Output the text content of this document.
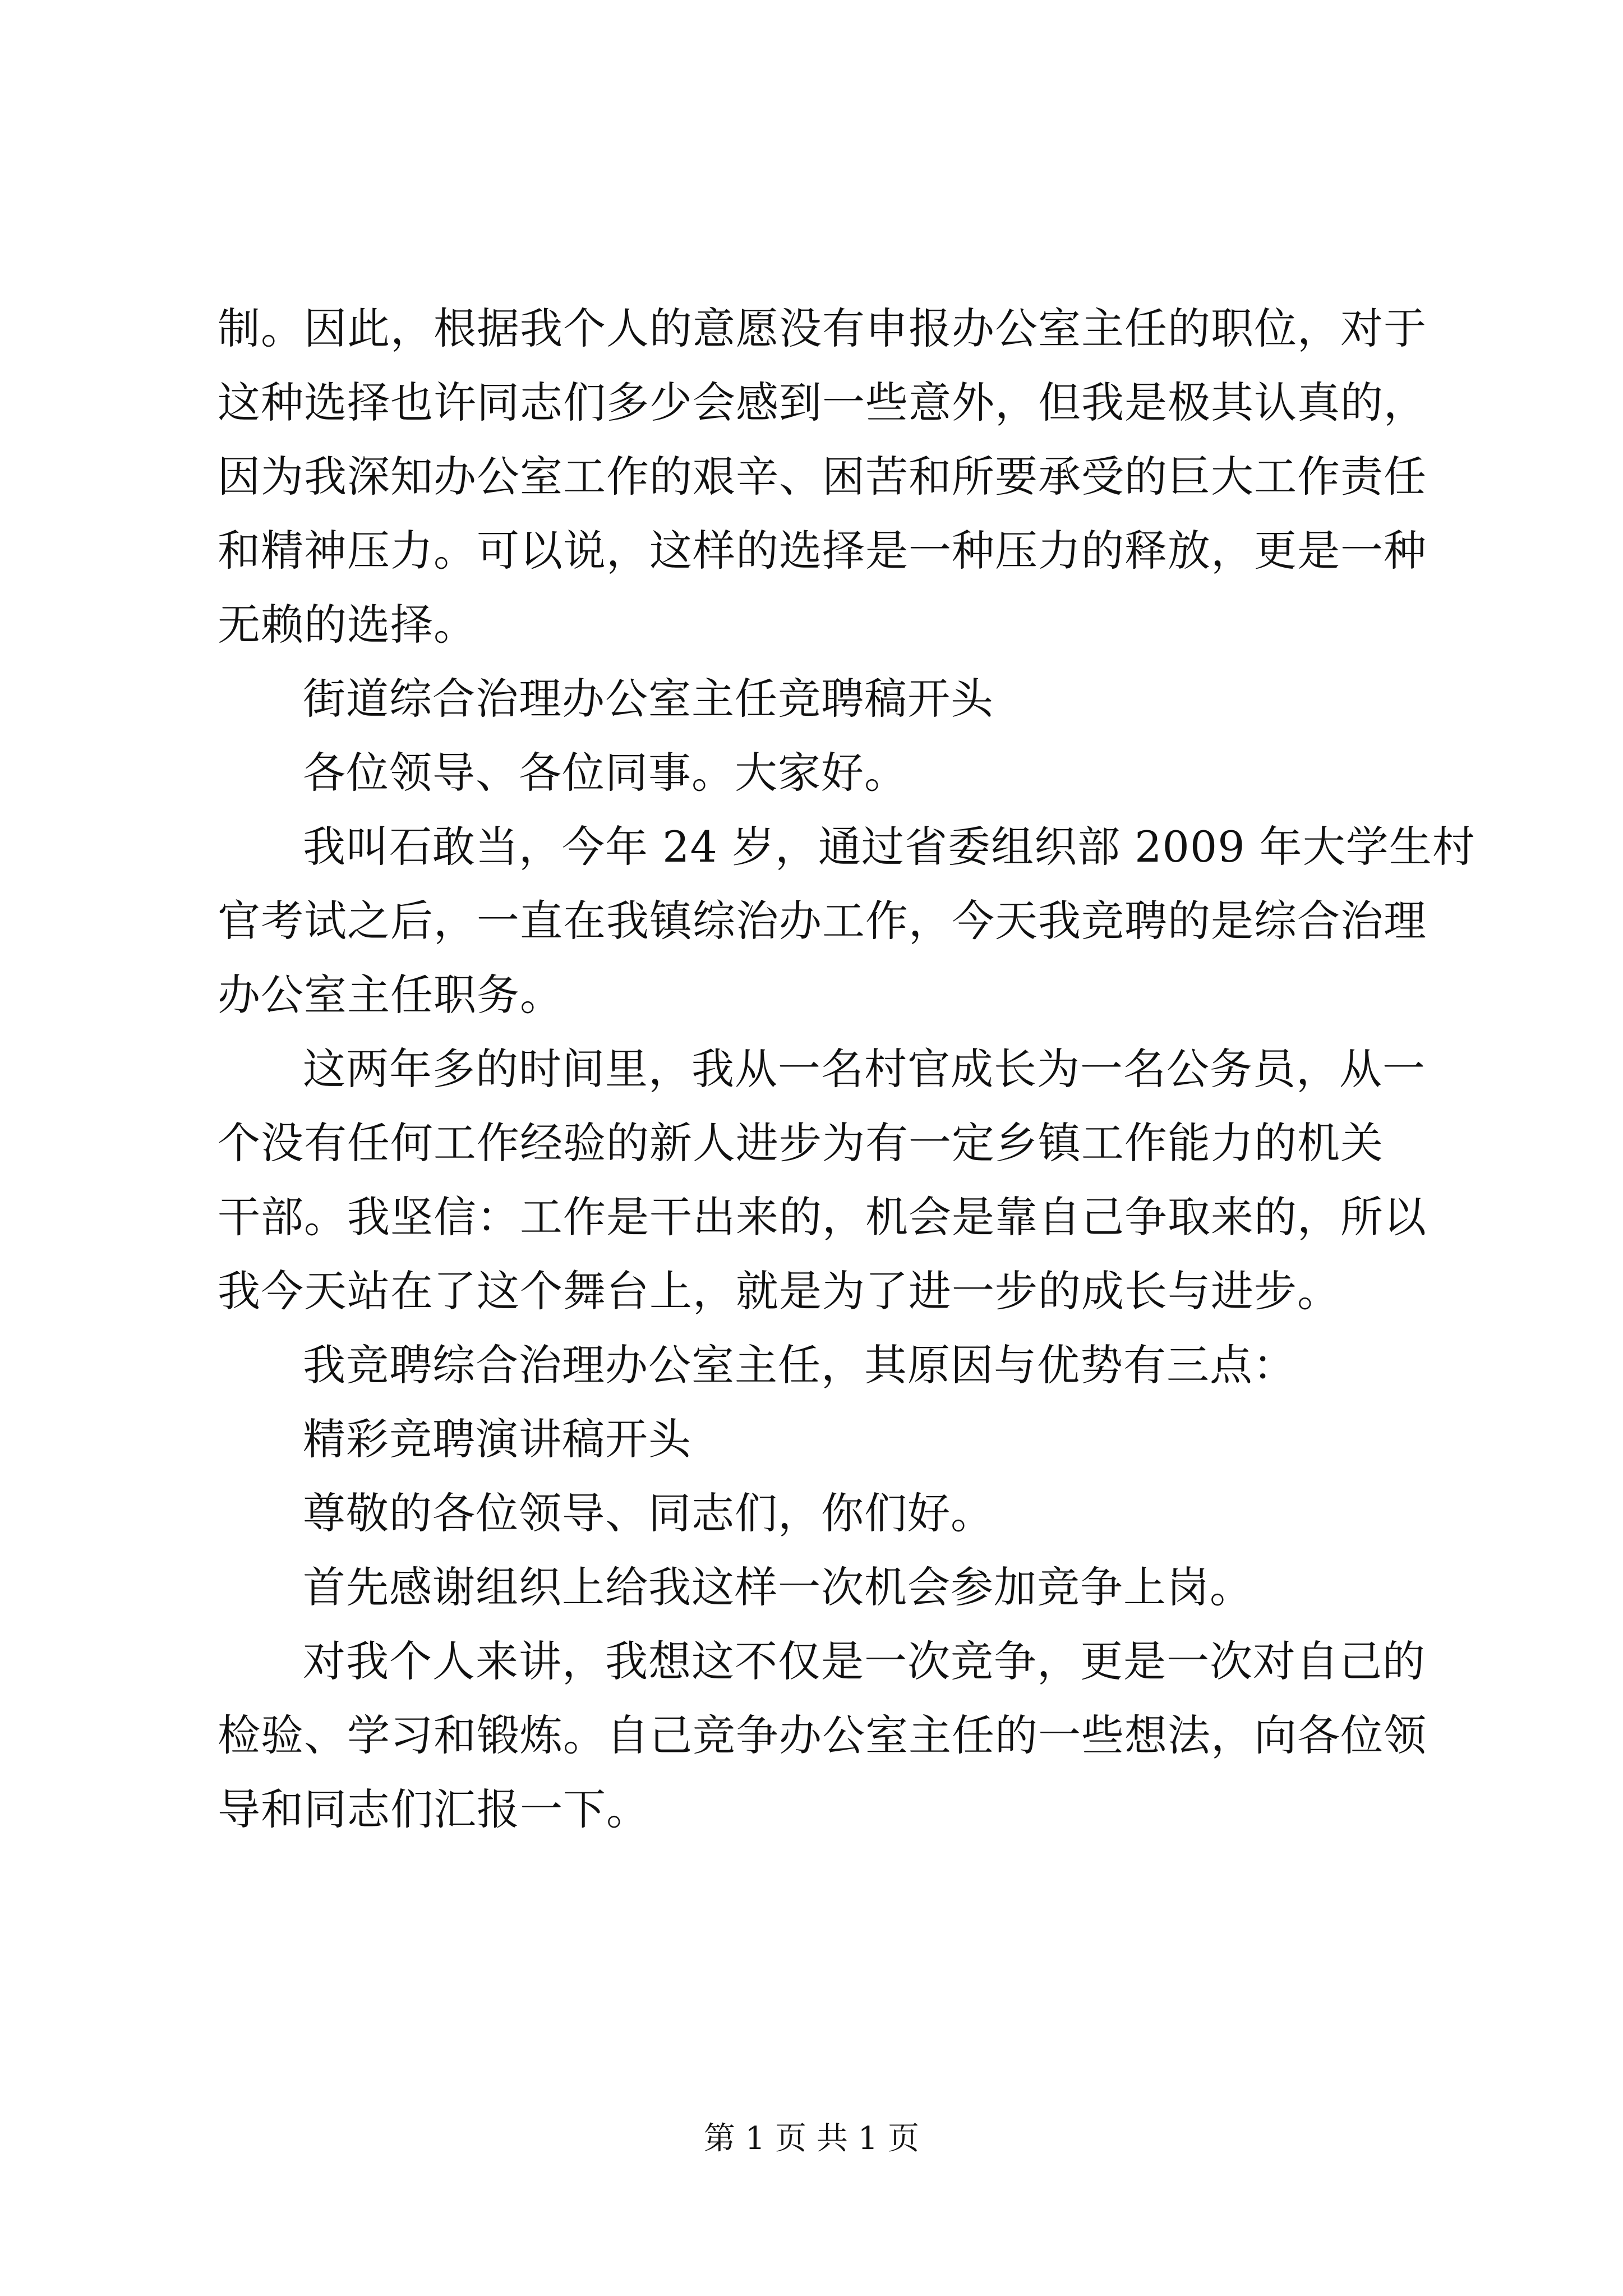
制。因此，根据我个人的意愿没有申报办公室主任的职位，对于
这种选择也许同志们多少会感到一些意外，但我是极其认真的，
因为我深知办公室工作的艰辛、困苦和所要承受的巨大工作责任
和精神压力。可以说，这样的选择是一种压力的释放，更是一种
无赖的选择。
街道综合治理办公室主任竞聘稿开头
各位领导、各位同事。大家好。
我叫石敢当，今年 24 岁，通过省委组织部 2009 年大学生村
官考试之后，一直在我镇综治办工作，今天我竞聘的是综合治理
办公室主任职务。
这两年多的时间里，我从一名村官成长为一名公务员，从一
个没有任何工作经验的新人进步为有一定乡镇工作能力的机关
干部。我坚信：工作是干出来的，机会是靠自己争取来的，所以
我今天站在了这个舞台上，就是为了进一步的成长与进步。
我竞聘综合治理办公室主任，其原因与优势有三点：
精彩竞聘演讲稿开头
尊敬的各位领导、同志们，你们好。
首先感谢组织上给我这样一次机会参加竞争上岗。
对我个人来讲，我想这不仅是一次竞争，更是一次对自己的
检验、学习和锻炼。自己竞争办公室主任的一些想法，向各位领
导和同志们汇报一下。
第 1 页 共 1 页
